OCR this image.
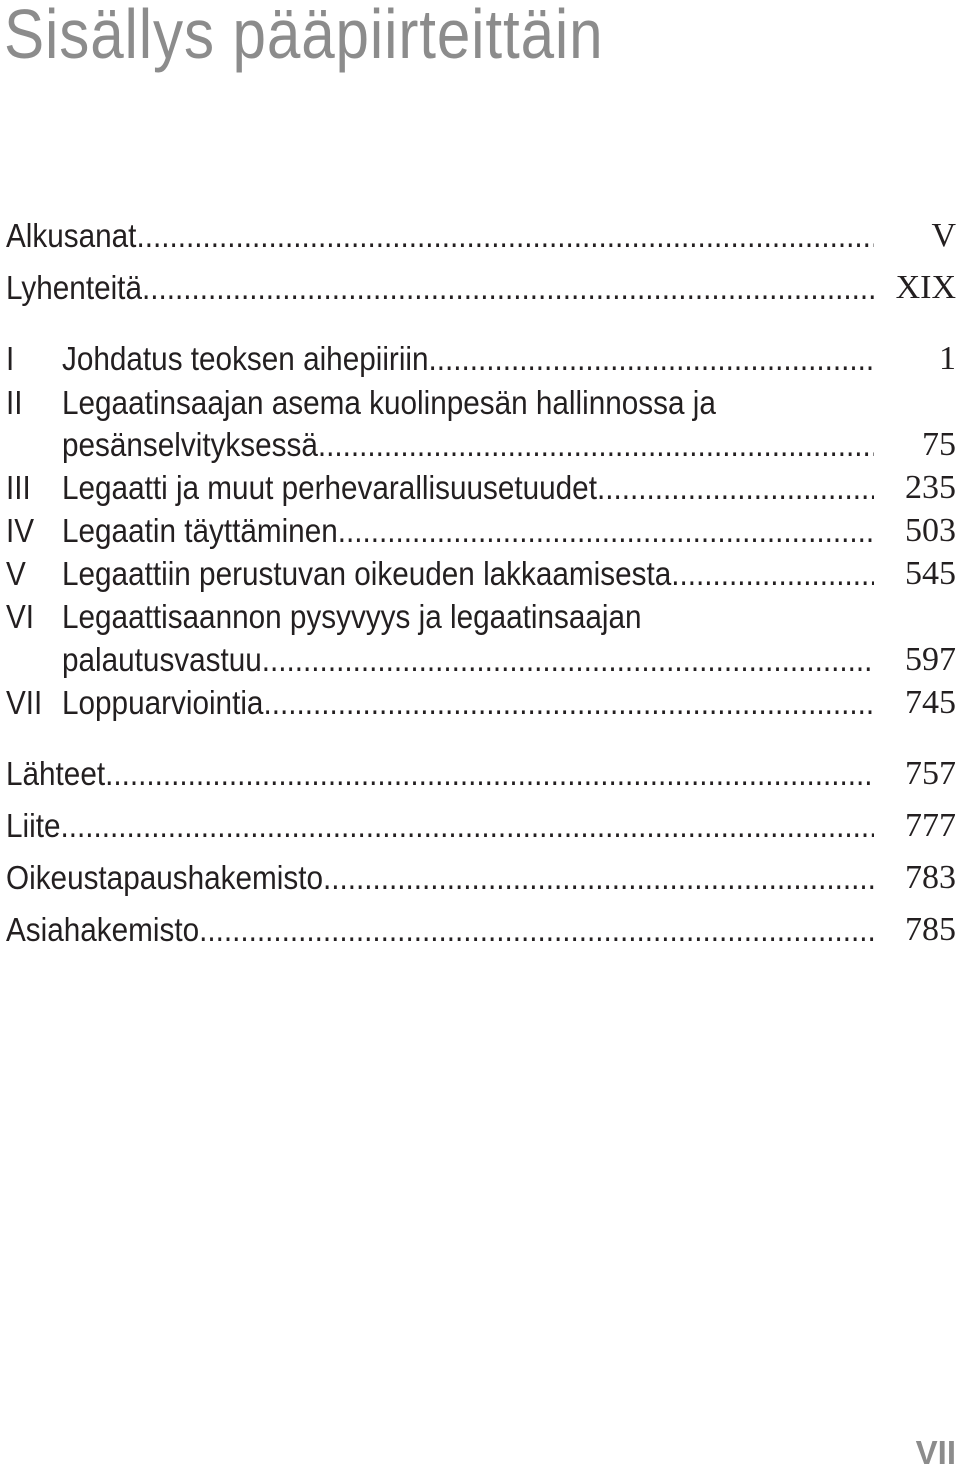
Sisällys pääpiirteittäin
Alkusanat .....	V
Lyhenteitä .....	XIX
I Johdatus teoksen aihepiiriin .....	1
II Legaatinsaajan asema kuolinpesän hallinnossa ja
pesänselvityksessä .....	75
III Legaatti ja muut perhevarallisuusetuudet .....	235
IV Legaatin täyttäminen .....	503
V Legaattiin perustuvan oikeuden lakkaamisesta .....	545
VI Legaattisaannon pysyvyys ja legaatinsaajan
palautusvastuu .....	597
VII Loppuarviointia .....	745
Lähteet .....	757
Liite .....	777
Oikeustapaushakemisto .....	783
Asiahakemisto .....	785
VII
